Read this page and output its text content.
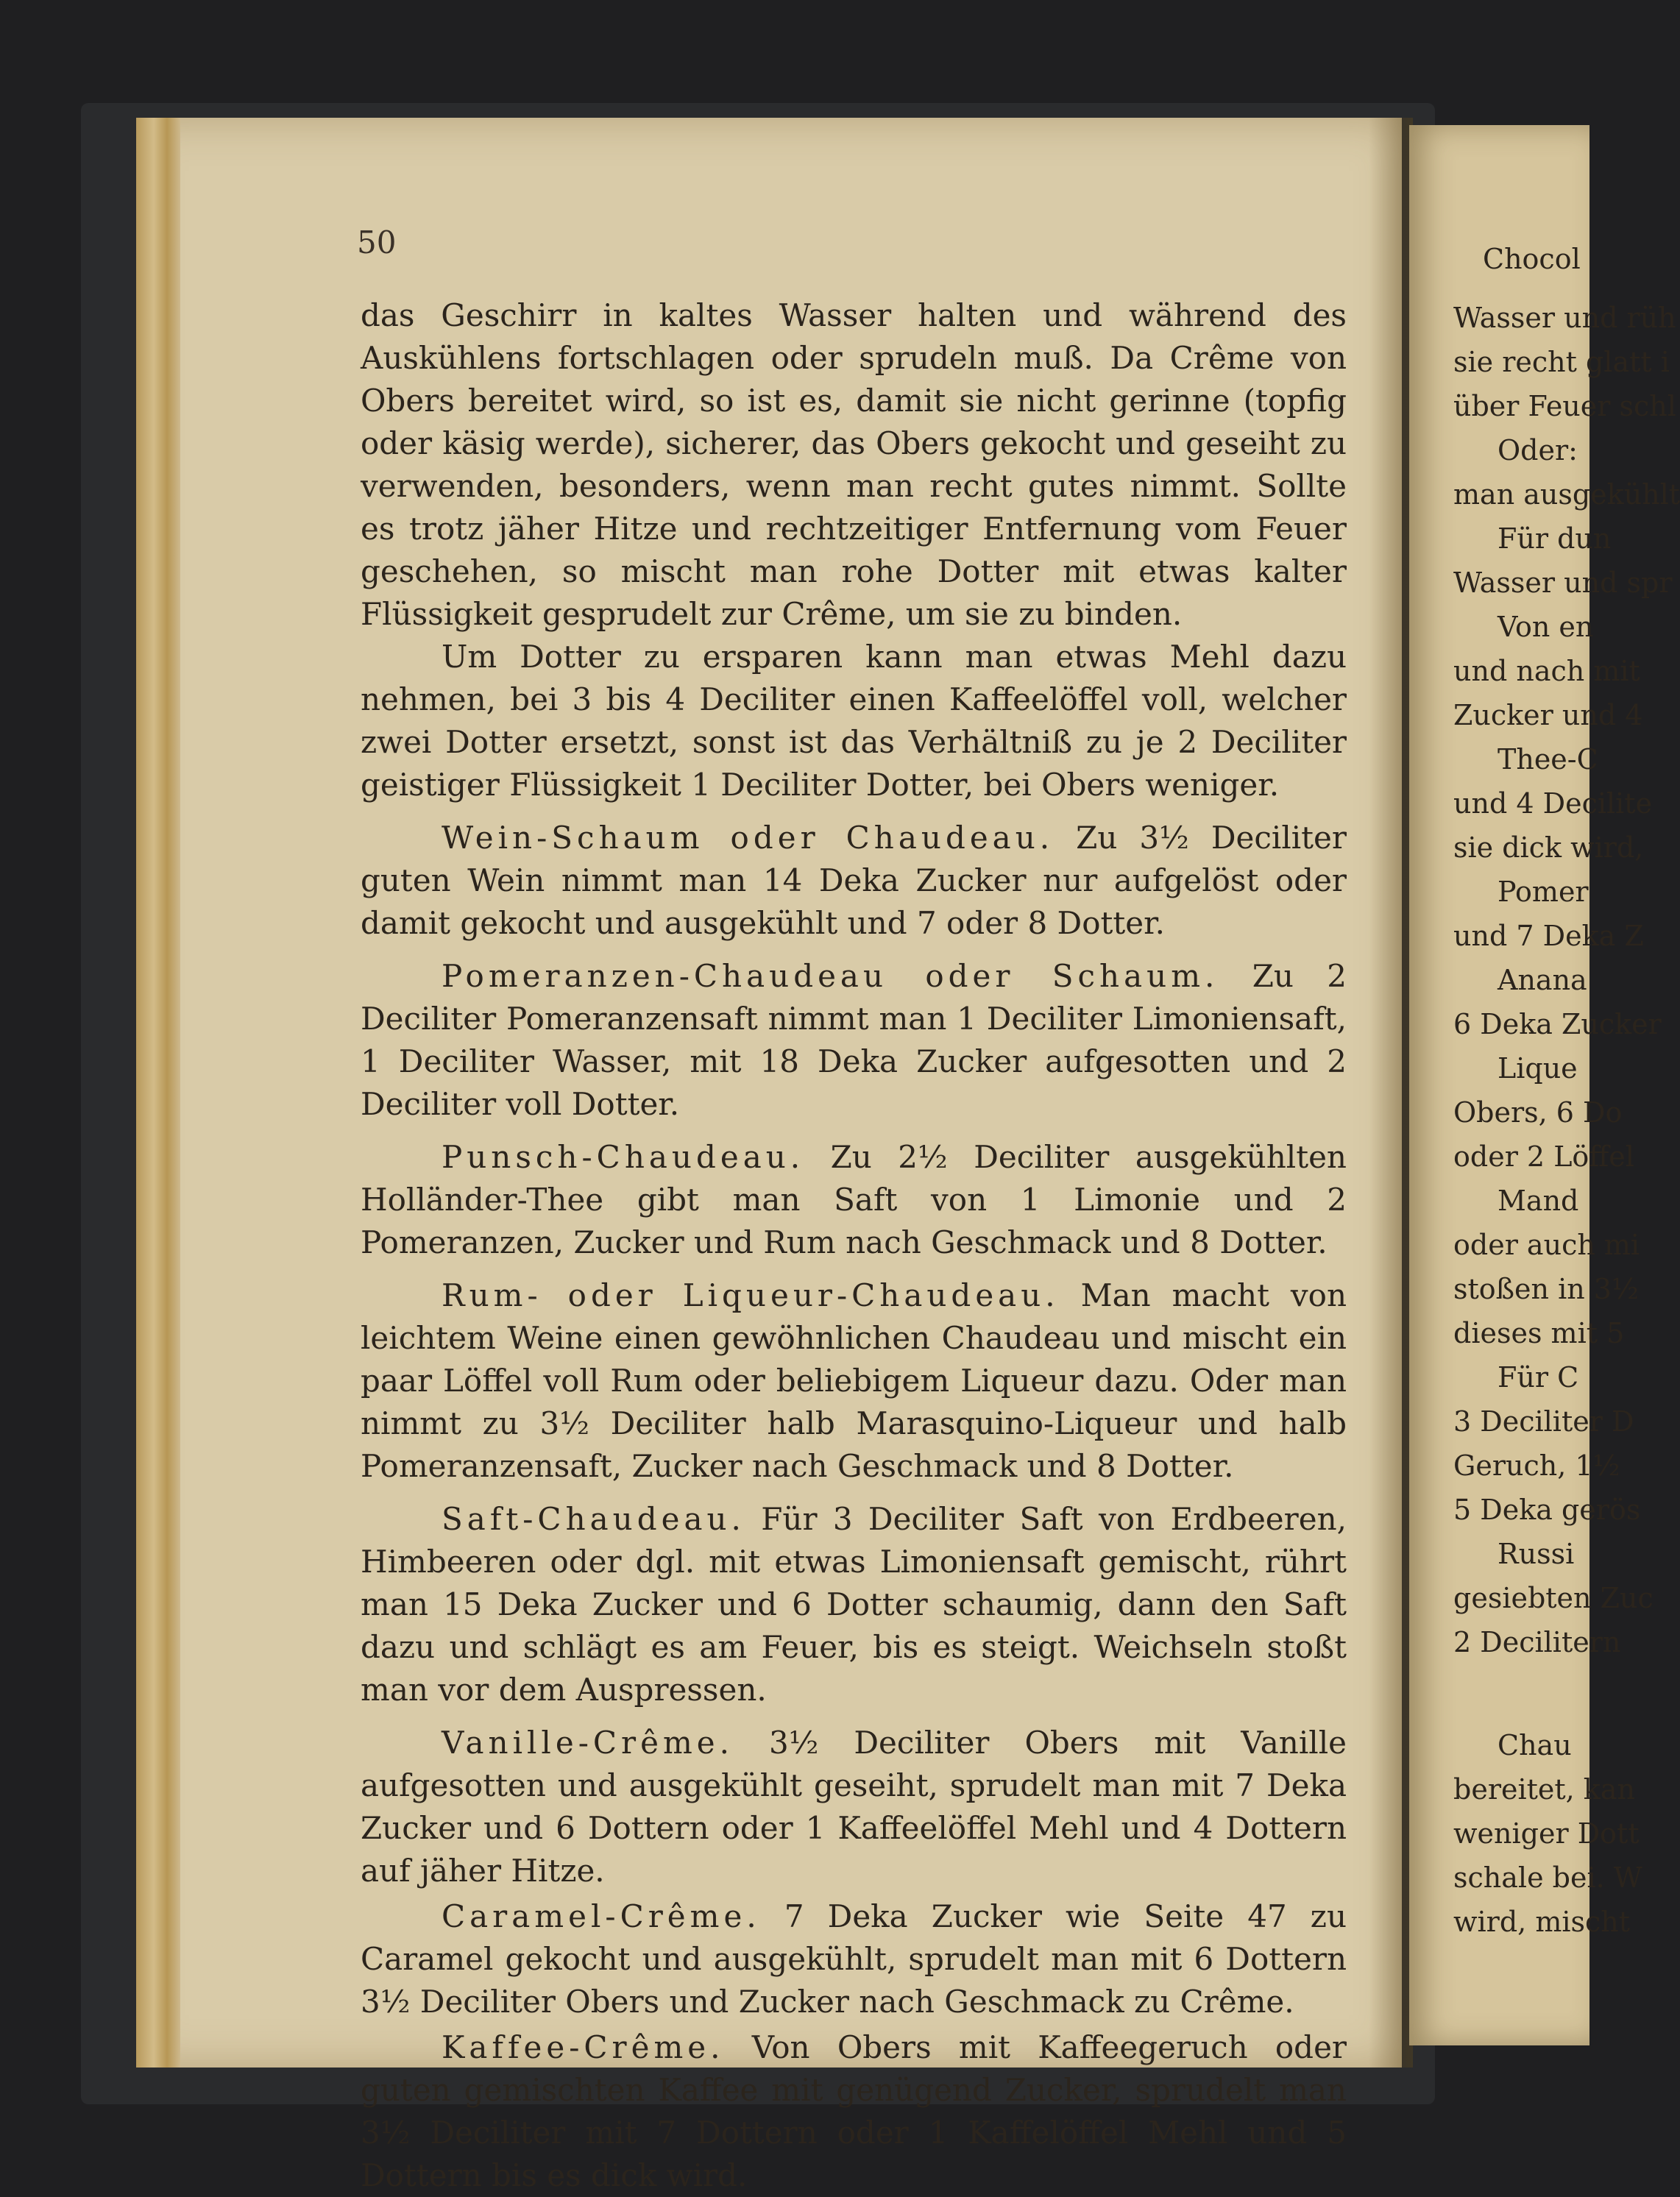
Chocol
Wasser und rüh
sie recht glatt i
über Feuer schl
Oder:
man ausgekühlt
Für dun
Wasser und spr
Von en
und nach mit
Zucker und 4
Thee-C
und 4 Decilite
sie dick wird,
Pomer
und 7 Deka Z
Anana
6 Deka Zucker
Lique
Obers, 6 Do
oder 2 Löffel
Mand
oder auch mi
stoßen in 3½
dieses mit 5
Für C
3 Deciliter D
Geruch, 1½
5 Deka gerös
Russi
gesiebten Zuc
2 Decilitern
Chau
bereitet, kan
weniger Dott
schale bei. W
wird, mischt
50

das Geschirr in kaltes Wasser halten und während des Auskühlens fortschlagen oder sprudeln muß. Da Crême von Obers bereitet wird, so ist es, damit sie nicht gerinne (topfig oder käsig werde), sicherer, das Obers gekocht und geseiht zu verwenden, besonders, wenn man recht gutes nimmt. Sollte es trotz jäher Hitze und rechtzeitiger Entfernung vom Feuer geschehen, so mischt man rohe Dotter mit etwas kalter Flüssigkeit gesprudelt zur Crême, um sie zu binden.

Um Dotter zu ersparen kann man etwas Mehl dazu nehmen, bei 3 bis 4 Deciliter einen Kaffeelöffel voll, welcher zwei Dotter ersetzt, sonst ist das Verhältniß zu je 2 Deciliter geistiger Flüssigkeit 1 Deciliter Dotter, bei Obers weniger.

Wein-Schaum oder Chaudeau. Zu 3½ Deciliter guten Wein nimmt man 14 Deka Zucker nur aufgelöst oder damit gekocht und ausgekühlt und 7 oder 8 Dotter.

Pomeranzen-Chaudeau oder Schaum. Zu 2 Deciliter Pomeranzensaft nimmt man 1 Deciliter Limoniensaft, 1 Deciliter Wasser, mit 18 Deka Zucker aufgesotten und 2 Deciliter voll Dotter.

Punsch-Chaudeau. Zu 2½ Deciliter ausgekühlten Holländer-Thee gibt man Saft von 1 Limonie und 2 Pomeranzen, Zucker und Rum nach Geschmack und 8 Dotter.

Rum- oder Liqueur-Chaudeau. Man macht von leichtem Weine einen gewöhnlichen Chaudeau und mischt ein paar Löffel voll Rum oder beliebigem Liqueur dazu. Oder man nimmt zu 3½ Deciliter halb Marasquino-Liqueur und halb Pomeranzensaft, Zucker nach Geschmack und 8 Dotter.

Saft-Chaudeau. Für 3 Deciliter Saft von Erdbeeren, Himbeeren oder dgl. mit etwas Limoniensaft gemischt, rührt man 15 Deka Zucker und 6 Dotter schaumig, dann den Saft dazu und schlägt es am Feuer, bis es steigt. Weichseln stoßt man vor dem Auspressen.

Vanille-Crême. 3½ Deciliter Obers mit Vanille aufgesotten und ausgekühlt geseiht, sprudelt man mit 7 Deka Zucker und 6 Dottern oder 1 Kaffeelöffel Mehl und 4 Dottern auf jäher Hitze.

Caramel-Crême. 7 Deka Zucker wie Seite 47 zu Caramel gekocht und ausgekühlt, sprudelt man mit 6 Dottern 3½ Deciliter Obers und Zucker nach Geschmack zu Crême.

Kaffee-Crême. Von Obers mit Kaffeegeruch oder guten gemischten Kaffee mit genügend Zucker, sprudelt man 3½ Deciliter mit 7 Dottern oder 1 Kaffelöffel Mehl und 5 Dottern bis es dick wird.
